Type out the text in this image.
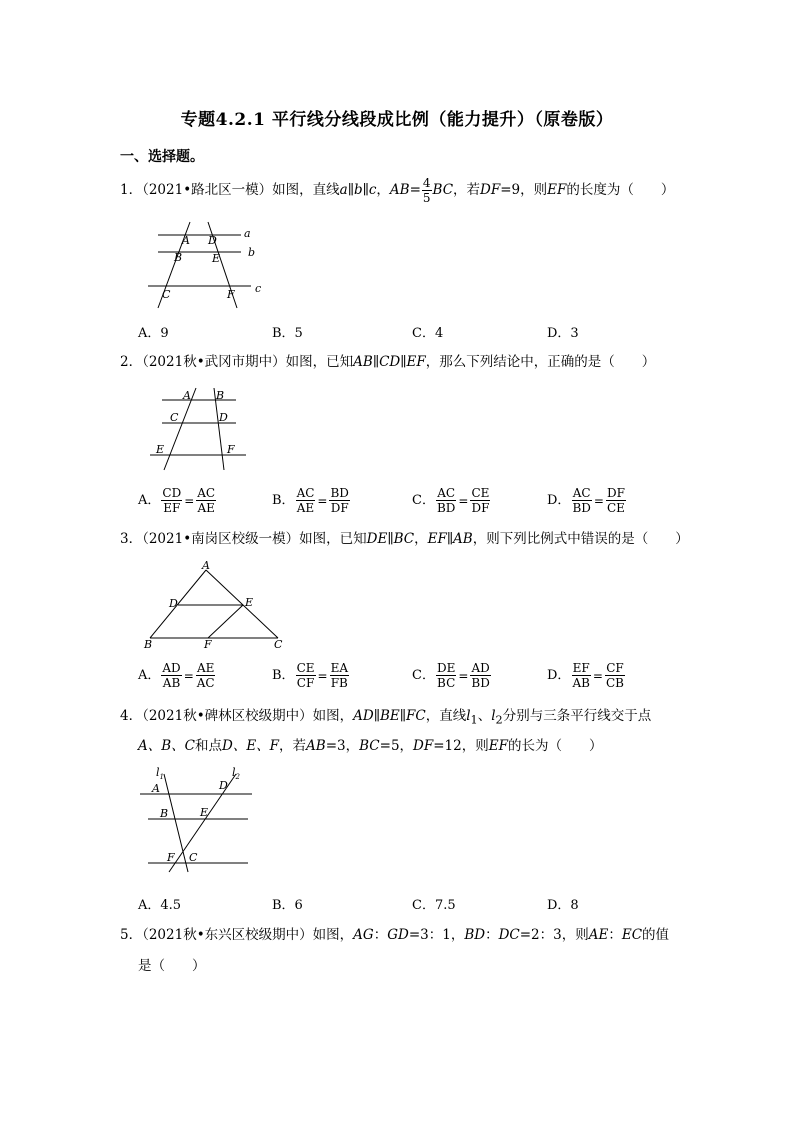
专题4.2.1 平行线分线段成比例（能力提升）（原卷版）
一、选择题。
1．（2021•路北区一模）如图，直线a∥b∥c，$AB= \frac{4}{5}$ BC，若DF=9，则EF的长度为（　　）
A D
a
B	E	b
C	F c
A．9	B．5	C．4	D．3
2．（2021秋•武冈市期中）如图，已知AB∥CD∥EF，那么下列结论中，正确的是（　　）
A B
C	D
E	F
A． $\frac{CD}{EF} = \frac{AC}{AE}$	B． $\frac{AC}{AE} = \frac{BD}{DF}$	C． $\frac{AC}{BD} = \frac{CE}{DF}$	D． $\frac{AC}{BD} = \frac{DF}{CE}$
3．（2021•南岗区校级一模）如图，已知DE∥BC，EF∥AB，则下列比例式中错误的是（　　）
A
D	E
B	F	C
A． $\frac{AD}{AB} = \frac{AE}{AC}$	B． $\frac{CE}{CF} = \frac{EA}{FB}$	C． $\frac{DE}{BC} = \frac{AD}{BD}$	D． $\frac{EF}{AB} = \frac{CF}{CB}$
4．（2021秋•碑林区校级期中）如图，AD∥BE∥FC，直线$l_1$、$l_2$分别与三条平行线交于点
A、B、C和点D、E、F，若AB=3，BC=5，DF=12，则EF的长为（　　）
$l_1$	$l_2$
A	D
B	E
F C
A．4.5	B．6	C．7.5	D．8
5．（2021秋•东兴区校级期中）如图，AG：GD=3：1，BD：DC=2：3，则AE：EC的值
是（　　）
